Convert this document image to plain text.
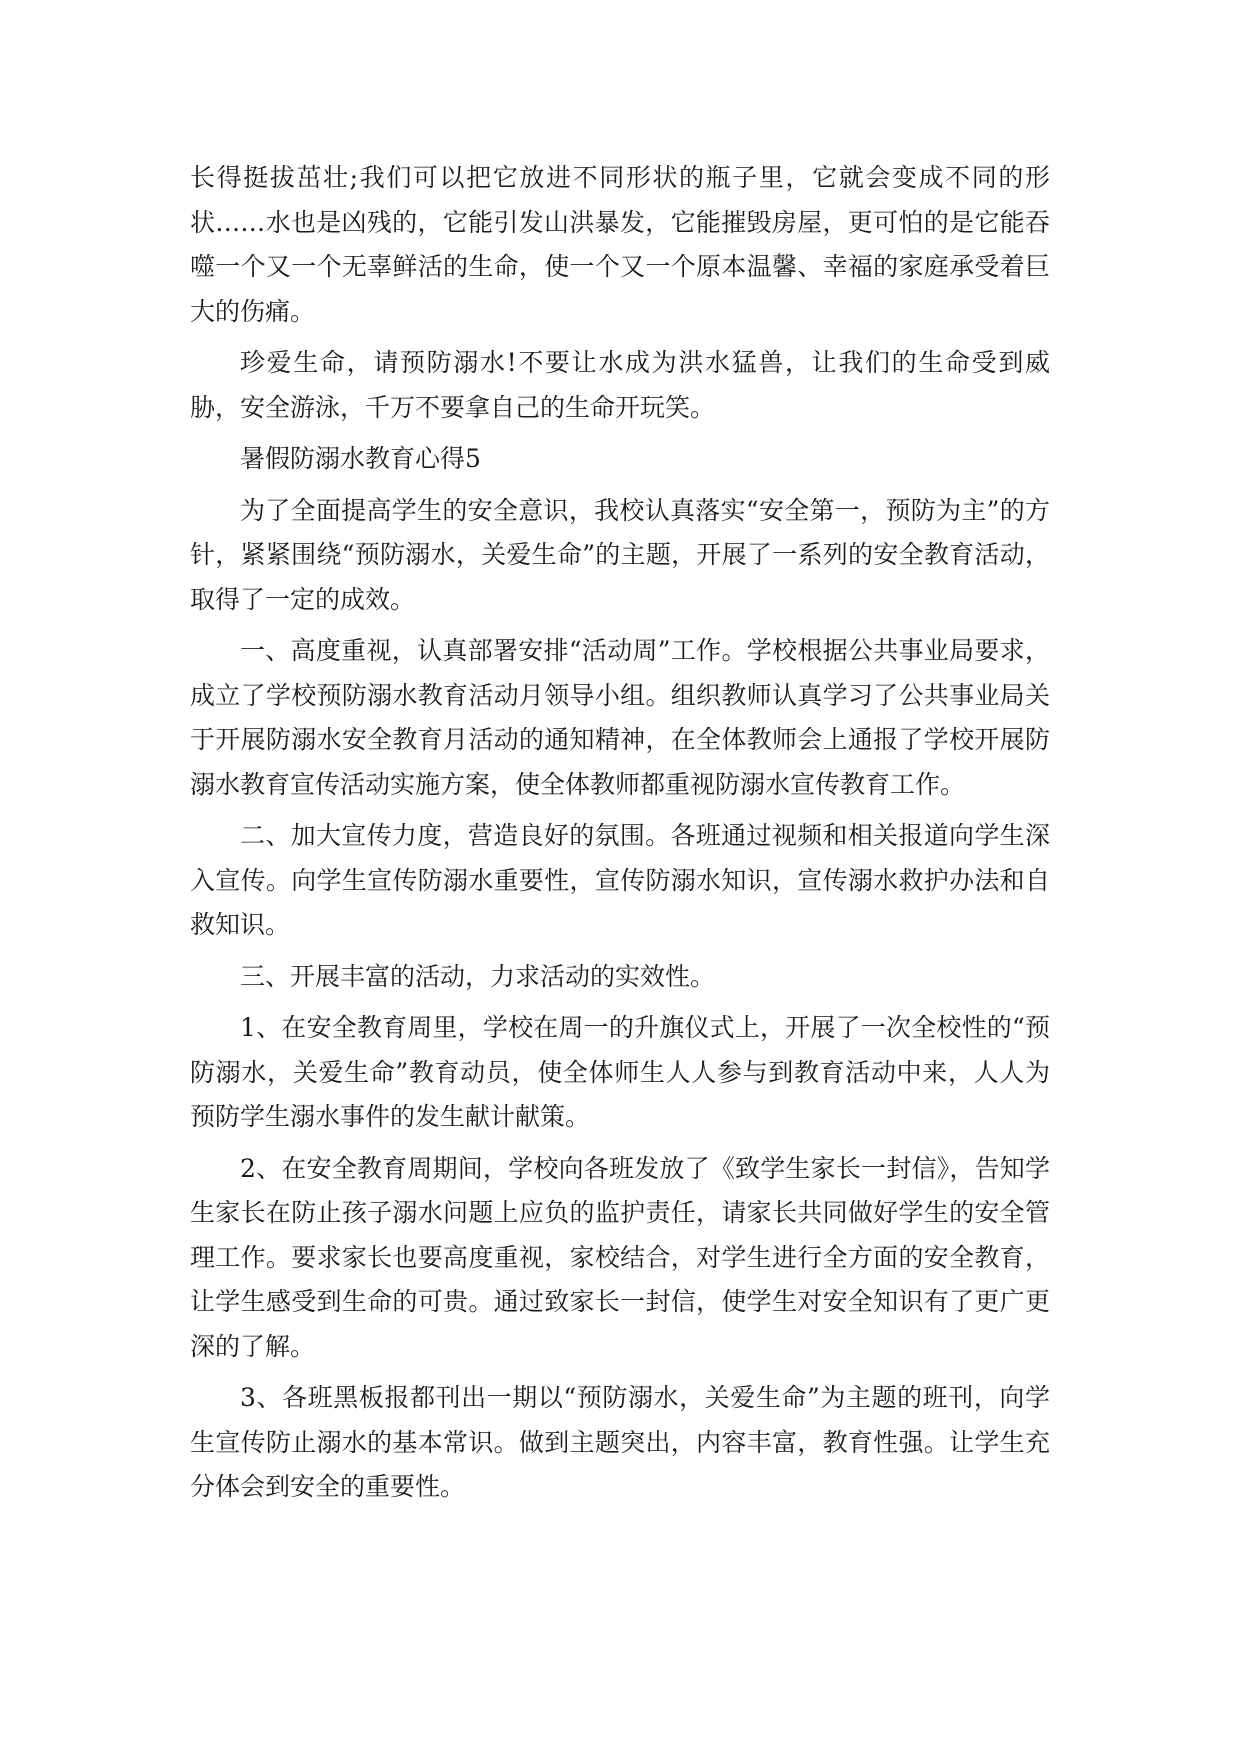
长得挺拔茁壮;我们可以把它放进不同形状的瓶子里，它就会变成不同的形状……水也是凶残的，它能引发山洪暴发，它能摧毁房屋，更可怕的是它能吞噬一个又一个无辜鲜活的生命，使一个又一个原本温馨、幸福的家庭承受着巨大的伤痛。

珍爱生命，请预防溺水!不要让水成为洪水猛兽，让我们的生命受到威胁，安全游泳，千万不要拿自己的生命开玩笑。

暑假防溺水教育心得5

为了全面提高学生的安全意识，我校认真落实“安全第一，预防为主”的方针，紧紧围绕“预防溺水，关爱生命”的主题，开展了一系列的安全教育活动，取得了一定的成效。

一、高度重视，认真部署安排“活动周”工作。学校根据公共事业局要求，成立了学校预防溺水教育活动月领导小组。组织教师认真学习了公共事业局关于开展防溺水安全教育月活动的通知精神，在全体教师会上通报了学校开展防溺水教育宣传活动实施方案，使全体教师都重视防溺水宣传教育工作。

二、加大宣传力度，营造良好的氛围。各班通过视频和相关报道向学生深入宣传。向学生宣传防溺水重要性，宣传防溺水知识，宣传溺水救护办法和自救知识。

三、开展丰富的活动，力求活动的实效性。

1、在安全教育周里，学校在周一的升旗仪式上，开展了一次全校性的“预防溺水，关爱生命”教育动员，使全体师生人人参与到教育活动中来，人人为预防学生溺水事件的发生献计献策。

2、在安全教育周期间，学校向各班发放了《致学生家长一封信》，告知学生家长在防止孩子溺水问题上应负的监护责任，请家长共同做好学生的安全管理工作。要求家长也要高度重视，家校结合，对学生进行全方面的安全教育，让学生感受到生命的可贵。通过致家长一封信，使学生对安全知识有了更广更深的了解。

3、各班黑板报都刊出一期以“预防溺水，关爱生命”为主题的班刊，向学生宣传防止溺水的基本常识。做到主题突出，内容丰富，教育性强。让学生充分体会到安全的重要性。
